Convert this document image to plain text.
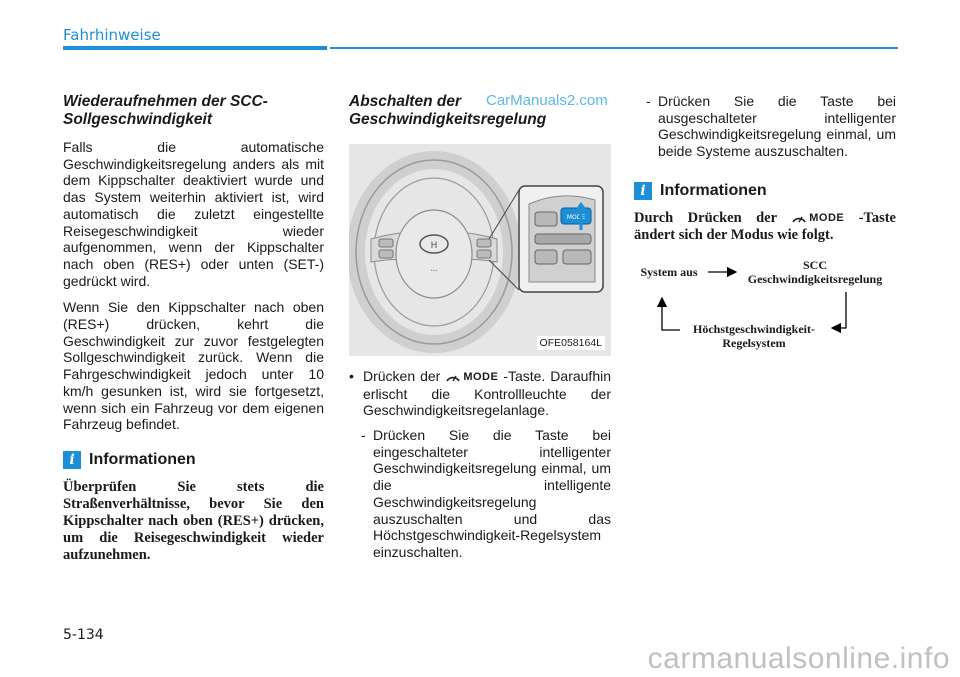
Fahrhinweise
CarManuals2.com
Wiederaufnehmen der SCC-Sollgeschwindigkeit

Falls die automatische Geschwindigkeitsregelung anders als mit dem Kippschalter deaktiviert wurde und das System weiterhin aktiviert ist, wird automatisch die zuletzt eingestellte Reisegeschwindigkeit wieder aufgenommen, wenn der Kippschalter nach oben (RES+) oder unten (SET-) gedrückt wird.

Wenn Sie den Kippschalter nach oben (RES+) drücken, kehrt die Geschwindigkeit zur zuvor festgelegten Sollgeschwindigkeit zurück. Wenn die Fahrgeschwindigkeit jedoch unter 10 km/h gesunken ist, wird sie fortgesetzt, wenn sich ein Fahrzeug vor dem eigenen Fahrzeug befindet.

i Informationen
Überprüfen Sie stets die Straßenverhältnisse, bevor Sie den Kippschalter nach oben (RES+) drücken, um die Reisegeschwindigkeit wieder aufzunehmen.
Abschalten der Geschwindigkeitsregelung
H
•••
MODE
OFE058164L
• Drücken der MODE -Taste. Daraufhin erlischt die Kontrollleuchte der Geschwindigkeitsregelanlage.
- Drücken Sie die Taste bei eingeschalteter intelligenter Geschwindigkeitsregelung einmal, um die intelligente Geschwindigkeitsregelung auszuschalten und das Höchstgeschwindigkeit-Regelsystem einzuschalten.
- Drücken Sie die Taste bei ausgeschalteter intelligenter Geschwindigkeitsregelung einmal, um beide Systeme auszuschalten.
i Informationen
Durch Drücken der	MODE -Taste ändert sich der Modus wie folgt.
System aus	SCC
Geschwindigkeitsregelung
Höchstgeschwindigkeit-
Regelsystem
5-134
carmanualsonline.info
